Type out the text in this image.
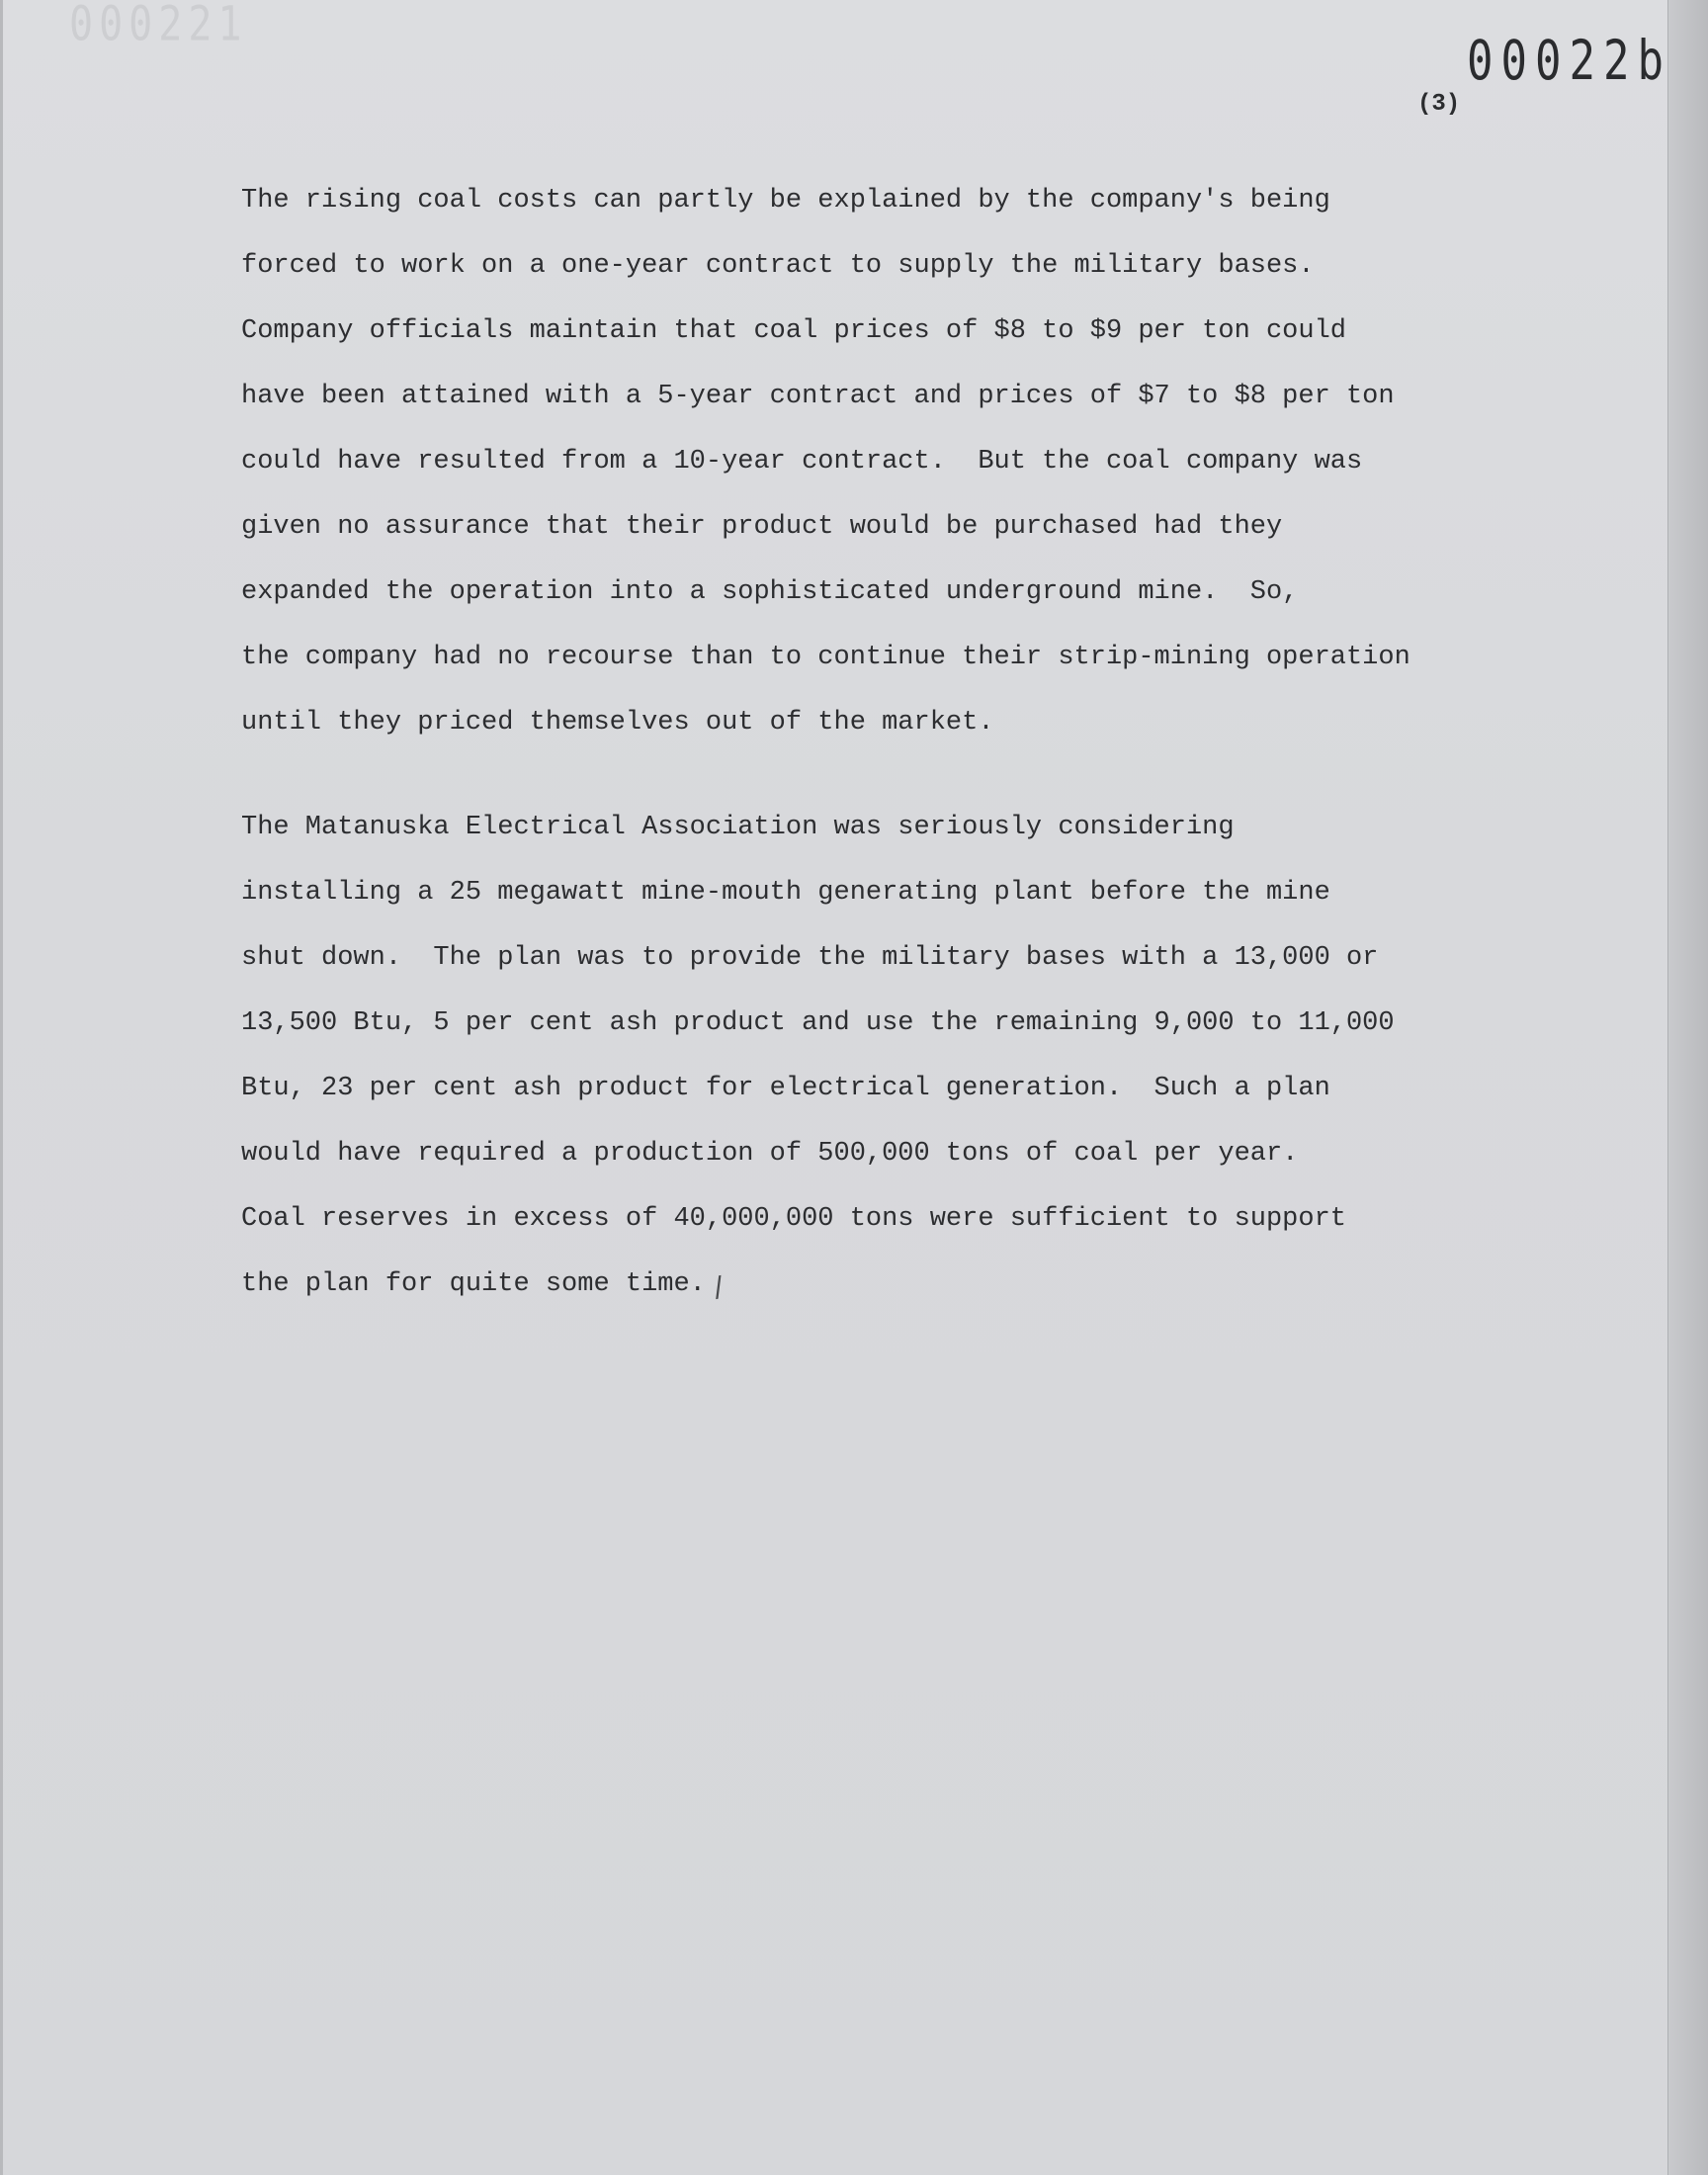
000221
00022b
(3)
The rising coal costs can partly be explained by the company's being
forced to work on a one-year contract to supply the military bases.
Company officials maintain that coal prices of $8 to $9 per ton could
have been attained with a 5-year contract and prices of $7 to $8 per ton
could have resulted from a 10-year contract.  But the coal company was
given no assurance that their product would be purchased had they
expanded the operation into a sophisticated underground mine.  So,
the company had no recourse than to continue their strip-mining operation
until they priced themselves out of the market.
The Matanuska Electrical Association was seriously considering
installing a 25 megawatt mine-mouth generating plant before the mine
shut down.  The plan was to provide the military bases with a 13,000 or
13,500 Btu, 5 per cent ash product and use the remaining 9,000 to 11,000
Btu, 23 per cent ash product for electrical generation.  Such a plan
would have required a production of 500,000 tons of coal per year.
Coal reserves in excess of 40,000,000 tons were sufficient to support
the plan for quite some time. /
